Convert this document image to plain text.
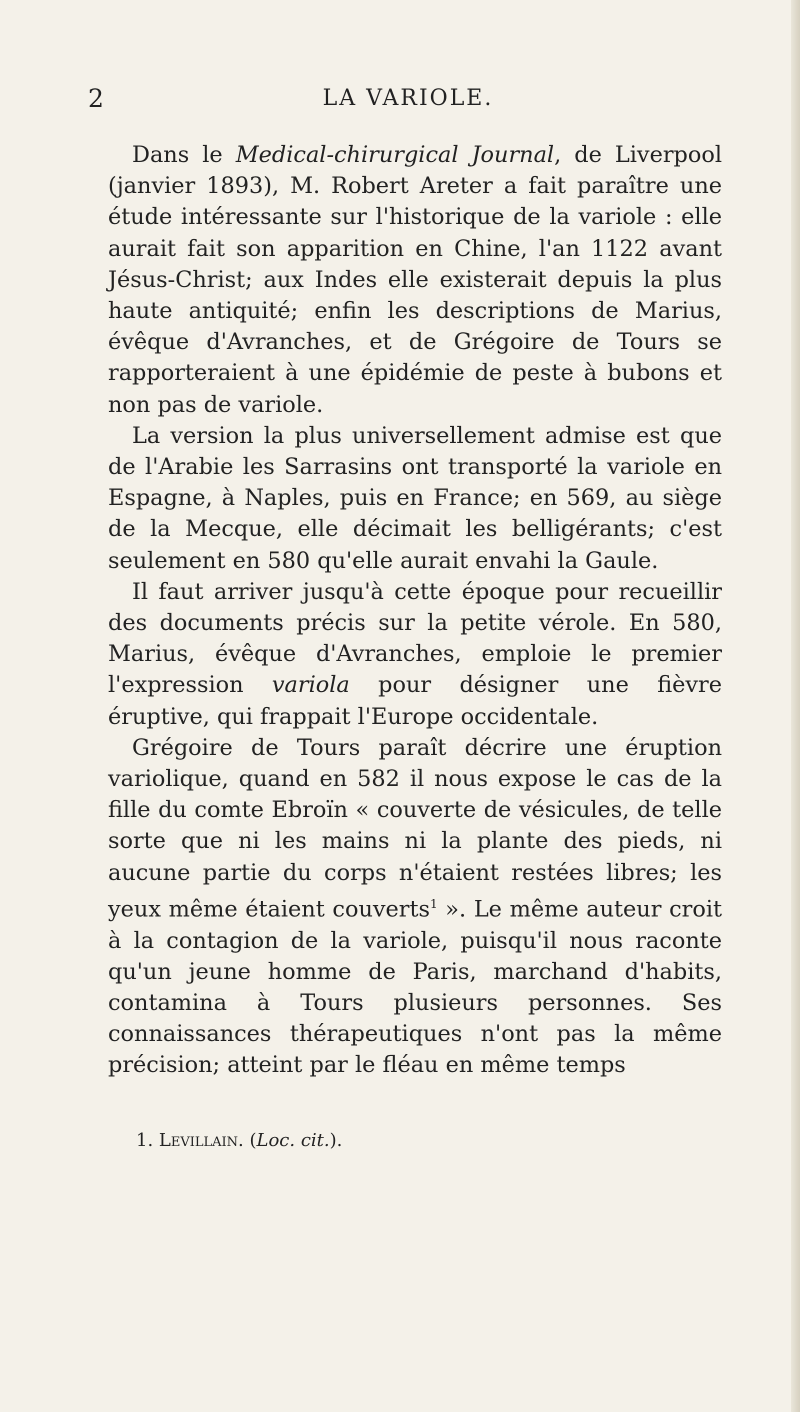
2	LA VARIOLE.

Dans le Medical-chirurgical Journal, de Liverpool (janvier 1893), M. Robert Areter a fait paraître une étude intéressante sur l'historique de la variole : elle aurait fait son apparition en Chine, l'an 1122 avant Jésus-Christ; aux Indes elle existerait depuis la plus haute antiquité; enfin les descriptions de Marius, évêque d'Avranches, et de Grégoire de Tours se rapporteraient à une épidémie de peste à bubons et non pas de variole.

La version la plus universellement admise est que de l'Arabie les Sarrasins ont transporté la variole en Espagne, à Naples, puis en France; en 569, au siège de la Mecque, elle décimait les belligérants; c'est seulement en 580 qu'elle aurait envahi la Gaule.

Il faut arriver jusqu'à cette époque pour recueillir des documents précis sur la petite vérole. En 580, Marius, évêque d'Avranches, emploie le premier l'expression variola pour désigner une fièvre éruptive, qui frappait l'Europe occidentale.

Grégoire de Tours paraît décrire une éruption variolique, quand en 582 il nous expose le cas de la fille du comte Ebroïn « couverte de vésicules, de telle sorte que ni les mains ni la plante des pieds, ni aucune partie du corps n'étaient restées libres; les yeux même étaient couverts$^1$ ». Le même auteur croit à la contagion de la variole, puisqu'il nous raconte qu'un jeune homme de Paris, marchand d'habits, contamina à Tours plusieurs personnes. Ses connaissances thérapeutiques n'ont pas la même précision; atteint par le fléau en même temps

1. Levillain. (Loc. cit.).
